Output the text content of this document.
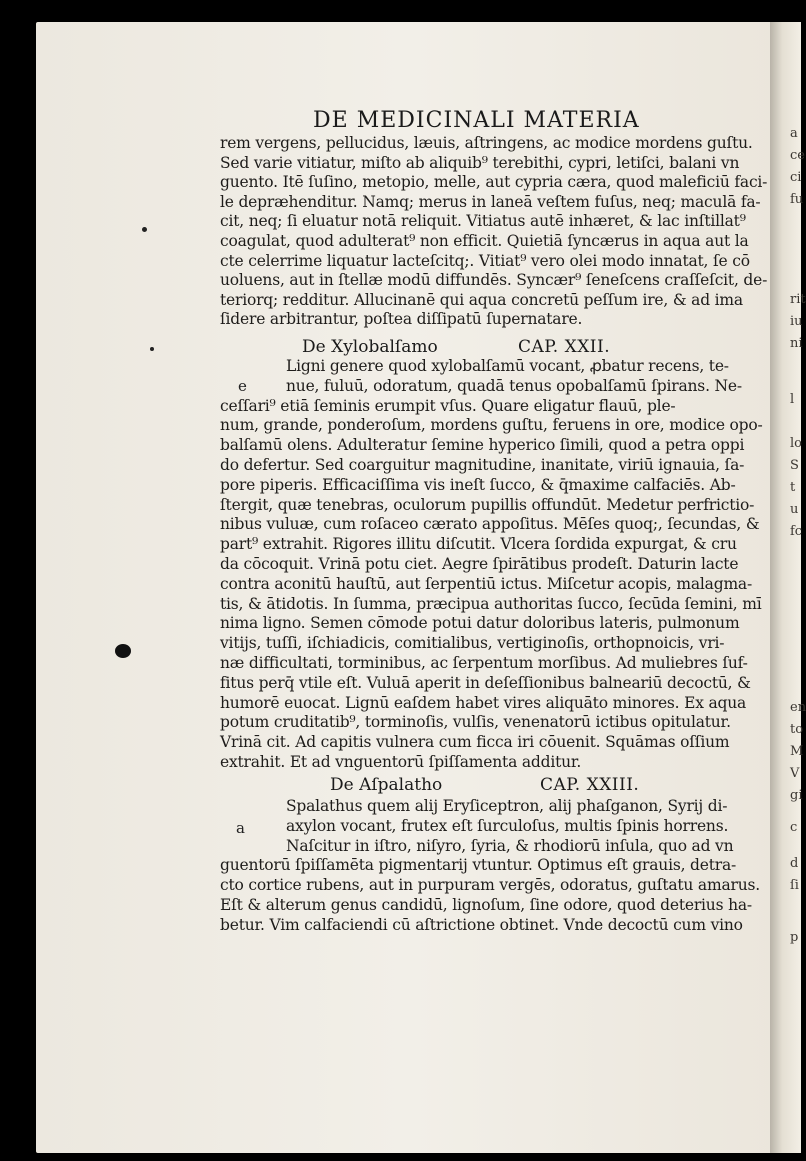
DE MEDICINALI MATERIA
rem vergens, pellucidus, læuis, aſtringens, ac modice mordens guſtu.
Sed varie vitiatur, miſto ab aliquib⁹ terebithi, cypri, letiſci, balani vn
guento. Itē ſuſino, metopio, melle, aut cypria cæra, quod maleficiū faci-
le depræhenditur. Namq; merus in laneā veſtem fuſus, neq; maculā fa-
cit, neq; ſi eluatur notā reliquit. Vitiatus autē inhæret, & lac inſtillat⁹
coagulat, quod adulterat⁹ non efficit. Quietiā ſyncærus in aqua aut la
cte celerrime liquatur lacteſcitq;. Vitiat⁹ vero olei modo innatat, ſe cō
uoluens, aut in ſtellæ modū diffundēs. Syncær⁹ ſeneſcens craſſeſcit, de-
teriorq; redditur. Allucinanē qui aqua concretū peſſum ire, & ad ima
ſidere arbitrantur, poſtea diſſipatū ſupernatare.
De Xylobalſamo	CAP. XXII.
Ligni genere quod xylobalſamū vocant, ꝓbatur recens, te-
nue, fuluū, odoratum, quadā tenus opobalſamū ſpirans. Ne-
ceſſari⁹ etiā ſeminis erumpit vſus. Quare eligatur flauū, ple-
num, grande, ponderoſum, mordens guſtu, feruens in ore, modice opo-
balſamū olens. Adulteratur ſemine hyperico ſimili, quod a petra oppi
do defertur. Sed coarguitur magnitudine, inanitate, viriū ignauia, ſa-
pore piperis. Efficaciſſima vis ineſt ſucco, & q̄maxime calfaciēs. Ab-
ſtergit, quæ tenebras, oculorum pupillis offundūt. Medetur perfrictio-
nibus vuluæ, cum roſaceo cærato appoſitus. Mēſes quoq;, ſecundas, &
part⁹ extrahit. Rigores illitu diſcutit. Vlcera ſordida expurgat, & cru
da cōcoquit. Vrinā potu ciet. Aegre ſpirātibus prodeſt. Daturin lacte
contra aconitū hauſtū, aut ſerpentiū ictus. Miſcetur acopis, malagma-
tis, & ātidotis. In ſumma, præcipua authoritas ſucco, ſecūda ſemini, mī
nima ligno. Semen cōmode potui datur doloribus lateris, pulmonum
vitijs, tuſſi, iſchiadicis, comitialibus, vertiginoſis, orthopnoicis, vri-
næ difficultati, torminibus, ac ſerpentum morſibus. Ad muliebres ſuf-
fitus perq̄ vtile eſt. Vuluā aperit in deſeſſionibus balneariū decoctū, &
humorē euocat. Lignū eaſdem habet vires aliquāto minores. Ex aqua
potum cruditatib⁹, torminoſis, vulſis, venenatorū ictibus opitulatur.
Vrinā cit. Ad capitis vulnera cum ficca iri cōuenit. Squāmas oſſium
extrahit. Et ad vnguentorū ſpiſſamenta additur.
De Aſpalatho	CAP. XXIII.
Spalathus quem alij Eryſiceptron, alij phaſganon, Syrij di-
axylon vocant, frutex eſt ſurculoſus, multis ſpinis horrens.
Naſcitur in iſtro, niſyro, ſyria, & rhodiorū inſula, quo ad vn
guentorū ſpiſſamēta pigmentarij vtuntur. Optimus eſt grauis, detra-
cto cortice rubens, aut in purpuram vergēs, odoratus, guſtatu amarus.
Eſt & alterum genus candidū, lignoſum, ſine odore, quod deterius ha-
betur. Vim calfaciendi cū aſtrictione obtinet. Vnde decoctū cum vino
e
a
a
ce
ci
fu
rit
iu
ni
l
lo
S
t
u
fc
en
to
M
V
gi
c
d
ſi
p
